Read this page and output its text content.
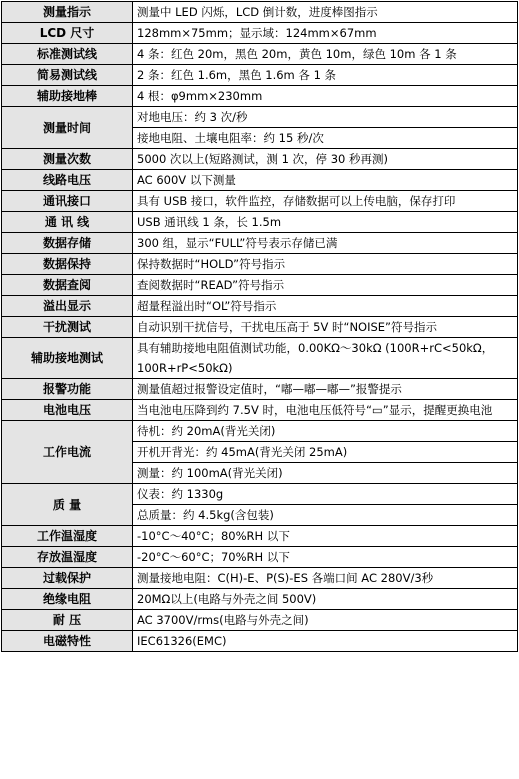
测量指示	测量中 LED 闪烁，LCD 倒计数，进度棒图指示
LCD 尺寸	128mm×75mm；显示域：124mm×67mm
标准测试线	4 条：红色 20m，黑色 20m，黄色 10m，绿色 10m 各 1 条
简易测试线	2 条：红色 1.6m，黑色 1.6m 各 1 条
辅助接地棒	4 根：φ9mm×230mm
测量时间	对地电压：约 3 次/秒
	接地电阻、土壤电阻率：约 15 秒/次
测量次数	5000 次以上(短路测试，测 1 次，停 30 秒再测)
线路电压	AC 600V 以下测量
通讯接口	具有 USB 接口，软件监控，存储数据可以上传电脑，保存打印
通 讯 线	USB 通讯线 1 条，长 1.5m
数据存储	300 组，显示“FULL”符号表示存储已满
数据保持	保持数据时“HOLD”符号指示
数据查阅	查阅数据时“READ”符号指示
溢出显示	超量程溢出时“OL”符号指示
干扰测试	自动识别干扰信号，干扰电压高于 5V 时“NOISE”符号指示
辅助接地测试	具有辅助接地电阻值测试功能，0.00KΩ～30kΩ (100R+rC<50kΩ，100R+rP<50kΩ)
报警功能	测量值超过报警设定值时，“嘟—嘟—嘟—”报警提示
电池电压	当电池电压降到约 7.5V 时，电池电压低符号“▭”显示，提醒更换电池
工作电流	待机：约 20mA(背光关闭)
	开机开背光：约 45mA(背光关闭 25mA)
	测量：约 100mA(背光关闭)
质 量	仪表：约 1330g
	总质量：约 4.5kg(含包装)
工作温湿度	-10°C～40°C；80%RH 以下
存放温湿度	-20°C～60°C；70%RH 以下
过载保护	测量接地电阻：C(H)-E、P(S)-ES 各端口间 AC 280V/3秒
绝缘电阻	20MΩ以上(电路与外壳之间 500V)
耐 压	AC 3700V/rms(电路与外壳之间)
电磁特性	IEC61326(EMC)
